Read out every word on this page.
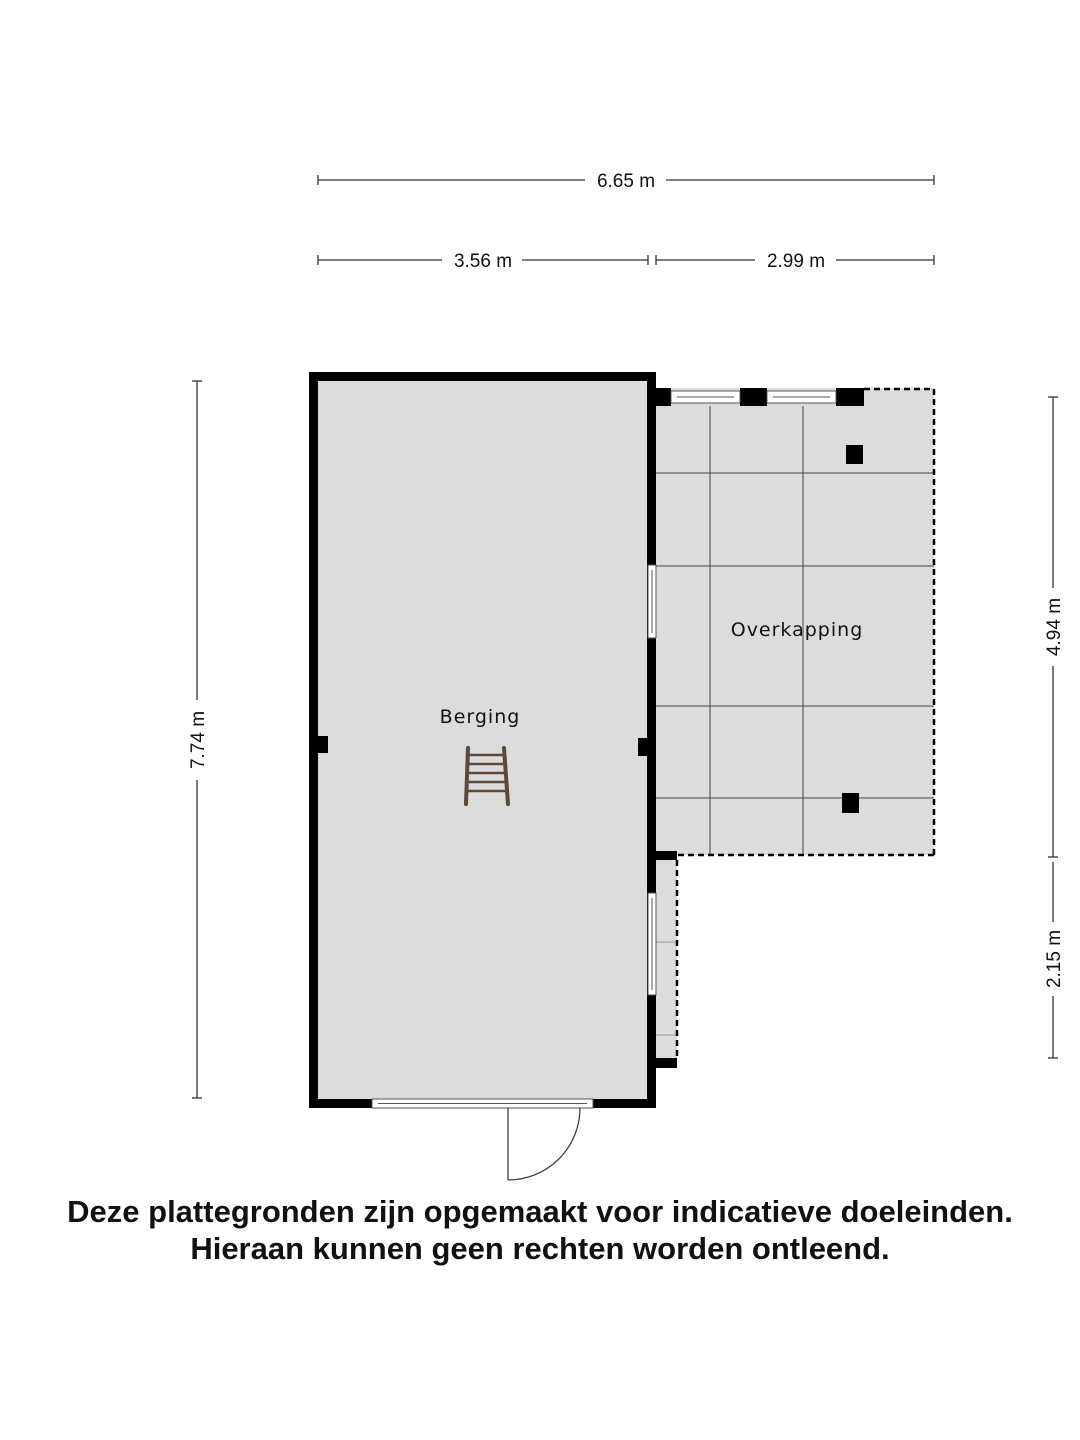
6.65 m
3.56 m	2.99 m
7.74 m
4.94 m
2.15 m
Berging
Overkapping
Deze plattegronden zijn opgemaakt voor indicatieve doeleinden.
Hieraan kunnen geen rechten worden ontleend.
